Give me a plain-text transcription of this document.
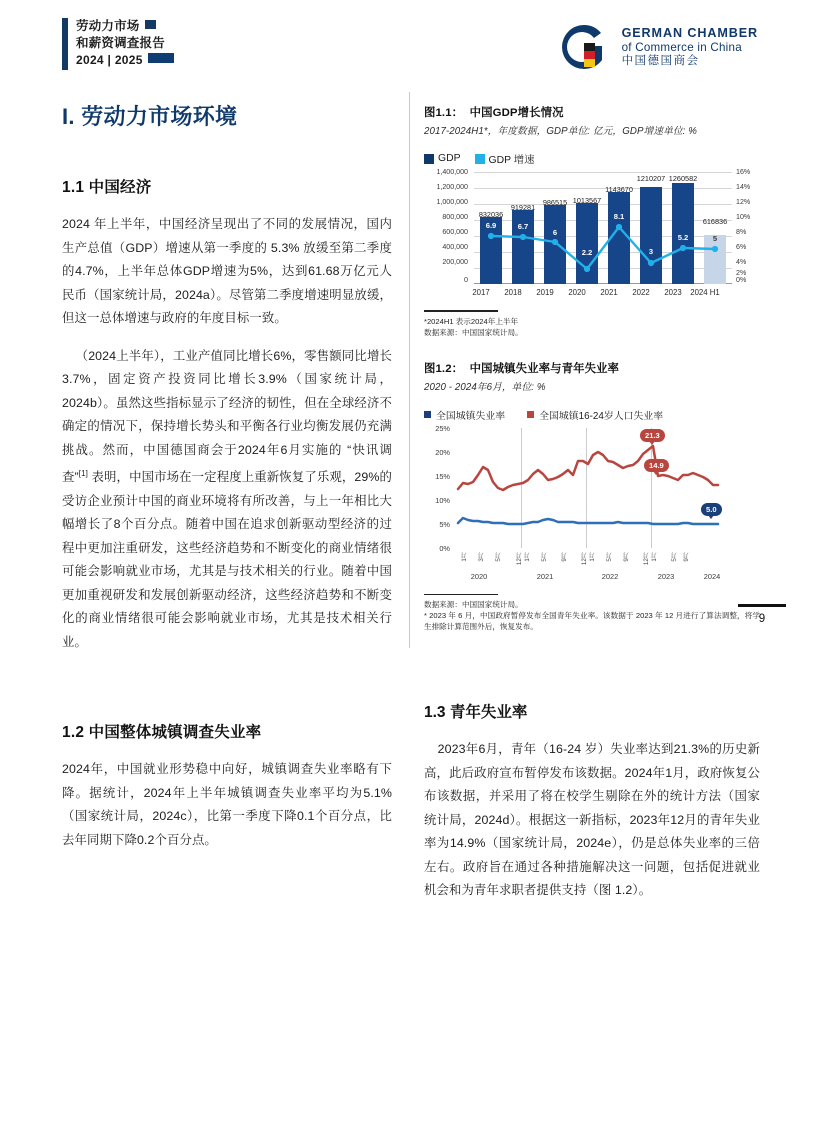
劳动力市场
和薪资调查报告
2024 | 2025
GERMAN CHAMBER
of Commerce in China
中国德国商会
I. 劳动力市场环境
1.1 中国经济

2024 年上半年，中国经济呈现出了不同的发展情况，国内生产总值（GDP）增速从第一季度的 5.3% 放缓至第二季度的4.7%，上半年总体GDP增速为5%，达到61.68万亿元人民币（国家统计局，2024a）。尽管第二季度增速明显放缓，但这一总体增速与政府的年度目标一致。

（2024上半年），工业产值同比增长6%，零售额同比增长3.7%，固定资产投资同比增长3.9%（国家统计局，2024b）。虽然这些指标显示了经济的韧性，但在全球经济不确定的情况下，保持增长势头和平衡各行业均衡发展仍充满挑战。然而，中国德国商会于2024年6月实施的 “快讯调查”[1] 表明，中国市场在一定程度上重新恢复了乐观，29%的受访企业预计中国的商业环境将有所改善，与上一年相比大幅增长了8个百分点。随着中国在追求创新驱动型经济的过程中更加注重研发，这些经济趋势和不断变化的商业情绪很可能会影响就业市场，尤其是与技术相关的行业。随着中国更加重视研发和发展创新驱动经济，这些经济趋势和不断变化的商业情绪很可能会影响就业市场，尤其是技术相关行业。

1.2 中国整体城镇调查失业率

2024年，中国就业形势稳中向好，城镇调查失业率略有下降。据统计，2024年上半年城镇调查失业率平均为5.1%（国家统计局，2024c），比第一季度下降0.1个百分点，比去年同期下降0.2个百分点。

图1.1： 中国GDP增长情况
2017-2024H1*，年度数据，GDP单位: 亿元，GDP增速单位: %
GDP	GDP 增速
1,400,000
1,200,000
1,000,000
800,000
600,000
400,000
200,000
0
16%
14%
12%
10%
8%
6%
4%
2%
0%
832036
919281
986515 1013567
1143670
1210207 1260582
616836
6.9	6.7
6
2.2
8.1
3
5.2	5
2017	2018	2019	2020	2021	2022	2023	2024 H1

*2024H1 表示2024年上半年

数据来源：中国国家统计局。

图1.2： 中国城镇失业率与青年失业率
2020 - 2024年6月，单位: %
全国城镇失业率	全国城镇16-24岁人口失业率
25%
20%
15%
10%
5%
0%
21.3
14.9
5.0
1月 3月 5月 12月 1月 5月 9月 12月 1月 5月 9月 12月 1月 5月 9月
2020	2021	2022	2023	2024

数据来源：中国国家统计局。

* 2023 年 6 月，中国政府暂停发布全国青年失业率。该数据于 2023 年 12 月进行了算法调整，将学生排除计算范围外后，恢复发布。

9
1.3 青年失业率

2023年6月，青年（16-24 岁）失业率达到21.3%的历史新高，此后政府宣布暂停发布该数据。2024年1月，政府恢复公布该数据，并采用了将在校学生剔除在外的统计方法（国家统计局，2024d）。根据这一新指标，2023年12月的青年失业率为14.9%（国家统计局，2024e），仍是总体失业率的三倍左右。政府旨在通过各种措施解决这一问题，包括促进就业机会和为青年求职者提供支持（图 1.2）。
